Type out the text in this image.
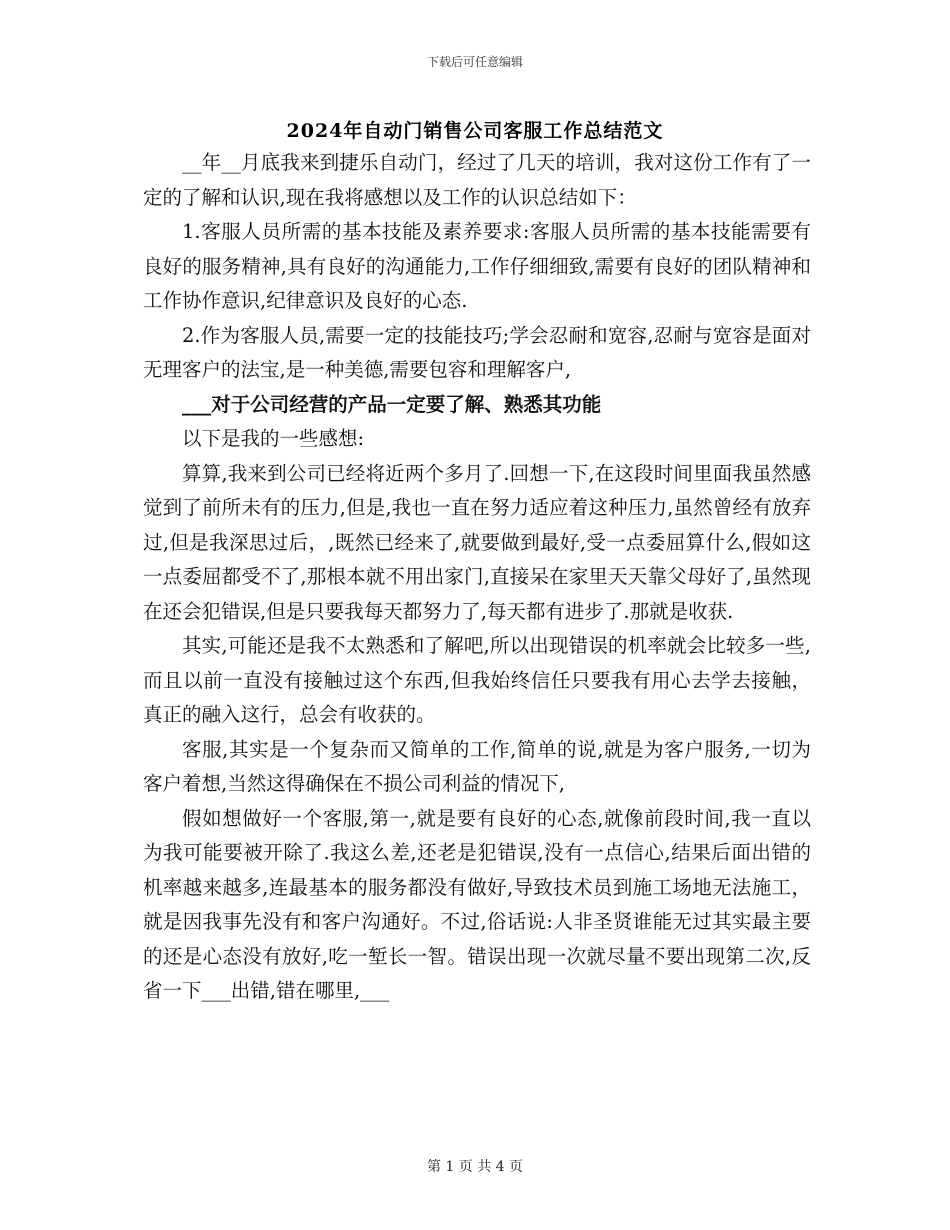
下载后可任意编辑
2024年自动门销售公司客服工作总结范文

__年__月底我来到捷乐自动门，经过了几天的培训，我对这份工作有了一定的了解和认识,现在我将感想以及工作的认识总结如下：

1.客服人员所需的基本技能及素养要求:客服人员所需的基本技能需要有良好的服务精神,具有良好的沟通能力,工作仔细细致,需要有良好的团队精神和工作协作意识,纪律意识及良好的心态.

2.作为客服人员,需要一定的技能技巧;学会忍耐和宽容,忍耐与宽容是面对无理客户的法宝,是一种美德,需要包容和理解客户,

___对于公司经营的产品一定要了解、熟悉其功能

以下是我的一些感想:

算算,我来到公司已经将近两个多月了.回想一下,在这段时间里面我虽然感觉到了前所未有的压力,但是,我也一直在努力适应着这种压力,虽然曾经有放弃过,但是我深思过后，,既然已经来了,就要做到最好,受一点委屈算什么,假如这一点委屈都受不了,那根本就不用出家门,直接呆在家里天天靠父母好了,虽然现在还会犯错误,但是只要我每天都努力了,每天都有进步了.那就是收获.

其实,可能还是我不太熟悉和了解吧,所以出现错误的机率就会比较多一些,而且以前一直没有接触过这个东西,但我始终信任只要我有用心去学去接触，真正的融入这行，总会有收获的。

客服,其实是一个复杂而又简单的工作,简单的说,就是为客户服务,一切为客户着想,当然这得确保在不损公司利益的情况下,

假如想做好一个客服,第一,就是要有良好的心态,就像前段时间,我一直以为我可能要被开除了.我这么差,还老是犯错误,没有一点信心,结果后面出错的机率越来越多,连最基本的服务都没有做好,导致技术员到施工场地无法施工，就是因我事先没有和客户沟通好。不过,俗话说:人非圣贤谁能无过其实最主要的还是心态没有放好,吃一堑长一智。错误出现一次就尽量不要出现第二次,反省一下___出错,错在哪里,___

第 1 页 共 4 页
